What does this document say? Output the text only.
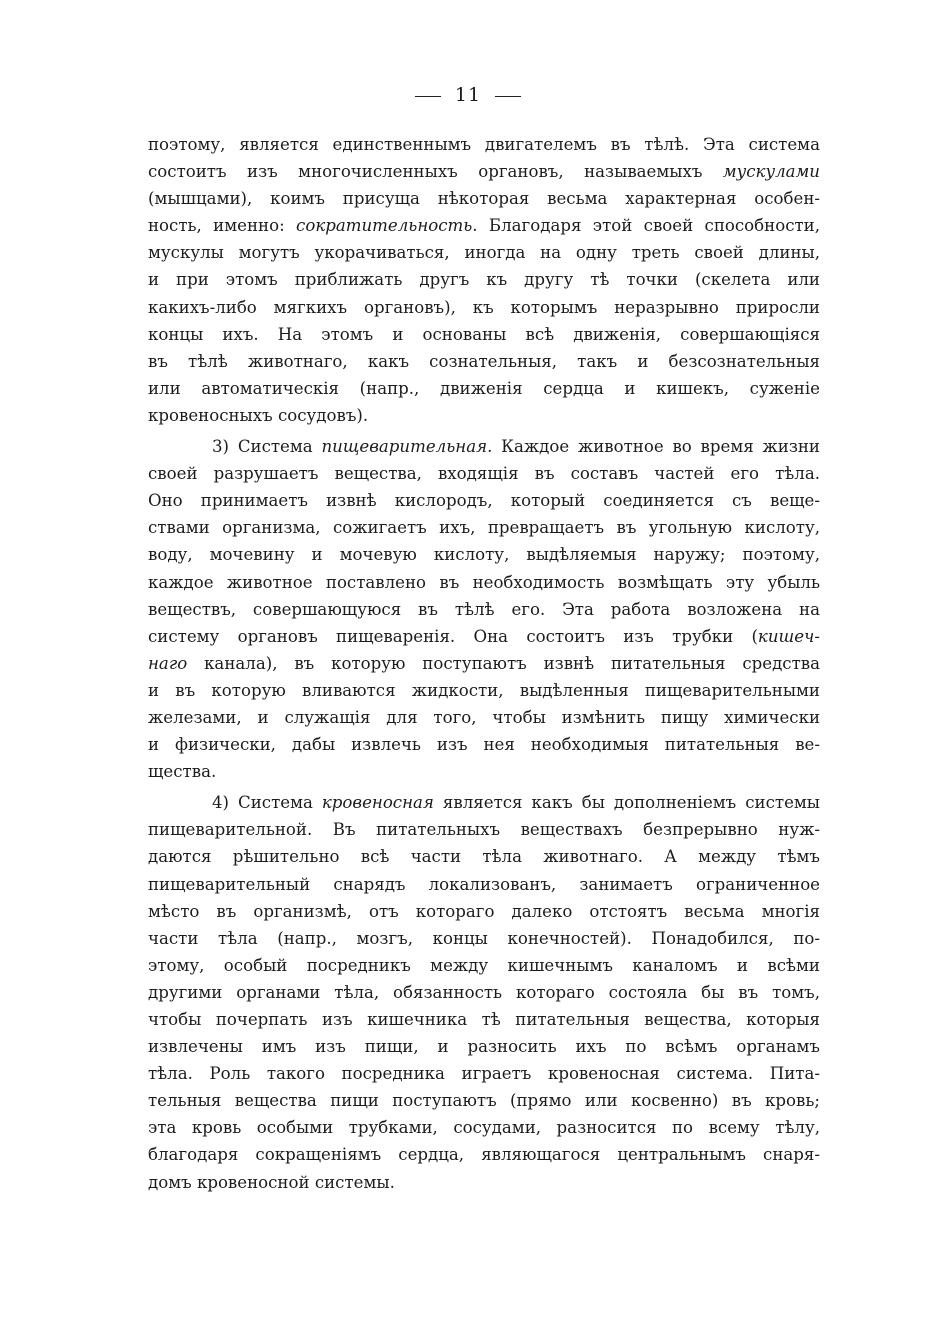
11
поэтому, является единственнымъ двигателемъ въ тѣлѣ. Эта система
состоитъ изъ многочисленныхъ органовъ, называемыхъ мускулами
(мышцами), коимъ присуща нѣкоторая весьма характерная особен-
ность, именно: сократительность. Благодаря этой своей способности,
мускулы могутъ укорачиваться, иногда на одну треть своей длины,
и при этомъ приближать другъ къ другу тѣ точки (скелета или
какихъ-либо мягкихъ органовъ), къ которымъ неразрывно приросли
концы ихъ. На этомъ и основаны всѣ движенія, совершающіяся
въ тѣлѣ животнаго, какъ сознательныя, такъ и безсознательныя
или автоматическія (напр., движенія сердца и кишекъ, суженіе
кровеносныхъ сосудовъ).
3) Система пищеварительная. Каждое животное во время жизни
своей разрушаетъ вещества, входящія въ составъ частей его тѣла.
Оно принимаетъ извнѣ кислородъ, который соединяется съ веще-
ствами организма, сожигаетъ ихъ, превращаетъ въ угольную кислоту,
воду, мочевину и мочевую кислоту, выдѣляемыя наружу; поэтому,
каждое животное поставлено въ необходимость возмѣщать эту убыль
веществъ, совершающуюся въ тѣлѣ его. Эта работа возложена на
систему органовъ пищеваренія. Она состоитъ изъ трубки (кишеч-
наго канала), въ которую поступаютъ извнѣ питательныя средства
и въ которую вливаются жидкости, выдѣленныя пищеварительными
железами, и служащія для того, чтобы измѣнить пищу химически
и физически, дабы извлечь изъ нея необходимыя питательныя ве-
щества.
4) Система кровеносная является какъ бы дополненіемъ системы
пищеварительной. Въ питательныхъ веществахъ безпрерывно нуж-
даются рѣшительно всѣ части тѣла животнаго. А между тѣмъ
пищеварительный снарядъ локализованъ, занимаетъ ограниченное
мѣсто въ организмѣ, отъ котораго далеко отстоятъ весьма многія
части тѣла (напр., мозгъ, концы конечностей). Понадобился, по-
этому, особый посредникъ между кишечнымъ каналомъ и всѣми
другими органами тѣла, обязанность котораго состояла бы въ томъ,
чтобы почерпать изъ кишечника тѣ питательныя вещества, которыя
извлечены имъ изъ пищи, и разносить ихъ по всѣмъ органамъ
тѣла. Роль такого посредника играетъ кровеносная система. Пита-
тельныя вещества пищи поступаютъ (прямо или косвенно) въ кровь;
эта кровь особыми трубками, сосудами, разносится по всему тѣлу,
благодаря сокращеніямъ сердца, являющагося центральнымъ снаря-
домъ кровеносной системы.
